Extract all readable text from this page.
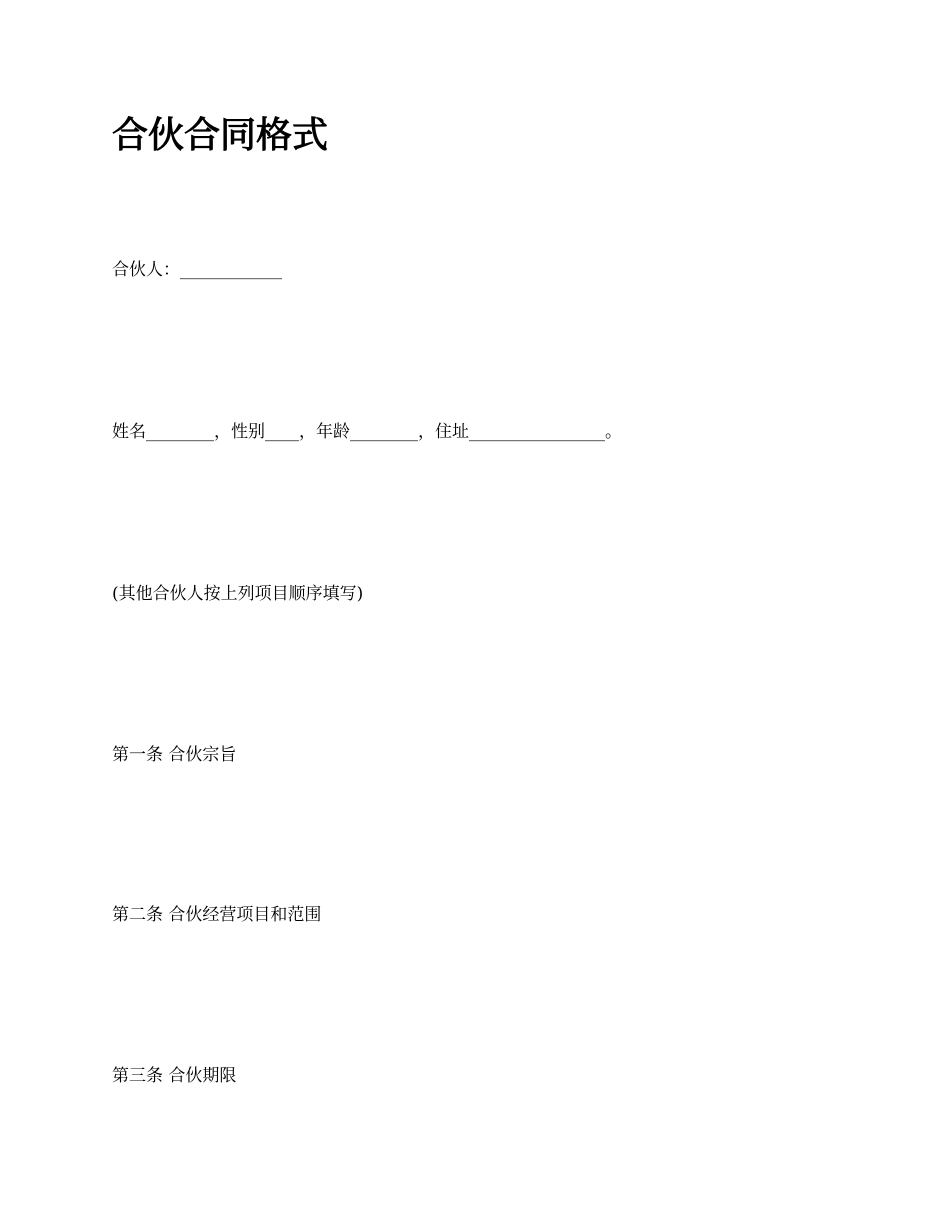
合伙合同格式

合伙人：____________

姓名________，性别____，年龄________，住址________________。

(其他合伙人按上列项目顺序填写)

第一条 合伙宗旨

第二条 合伙经营项目和范围

第三条 合伙期限
